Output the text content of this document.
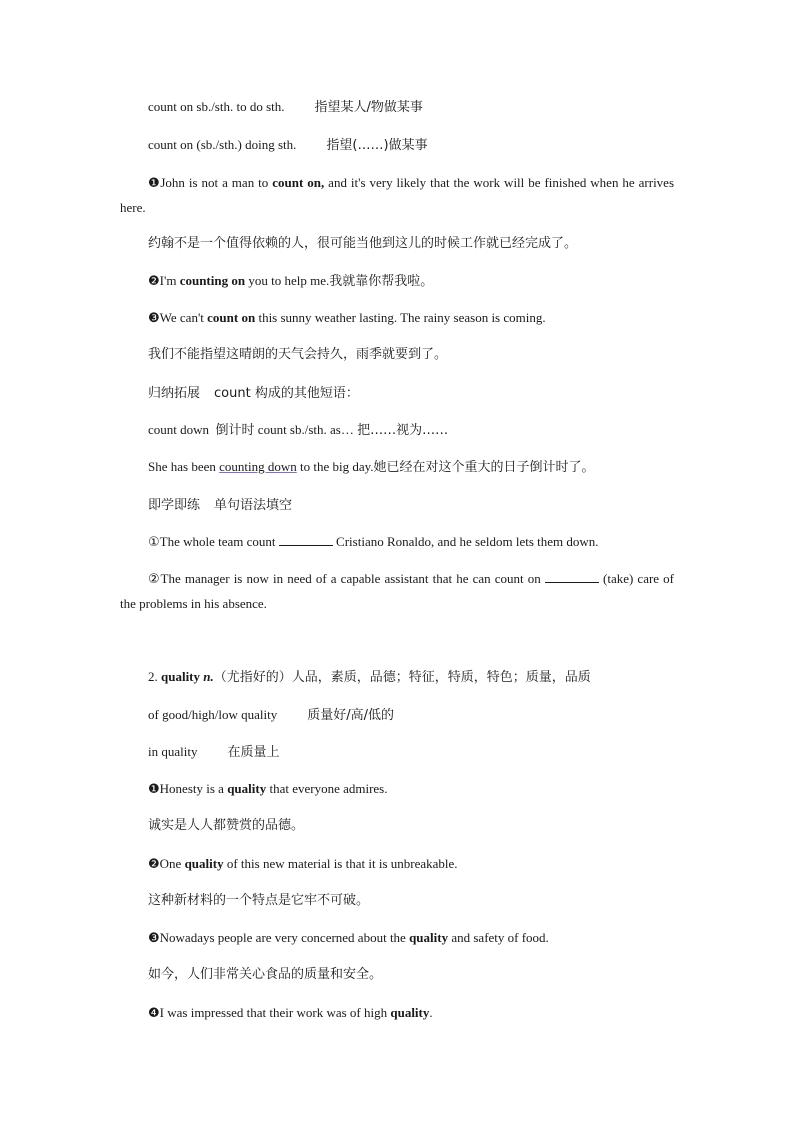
count on sb./sth. to do sth. 指望某人/物做某事
count on (sb./sth.) doing sth. 指望(……)做某事
❶John is not a man to count on, and it's very likely that the work will be finished when he arrives here.
约翰不是一个值得依赖的人，很可能当他到这儿的时候工作就已经完成了。
❷I'm counting on you to help me.我就靠你帮我啦。
❸We can't count on this sunny weather lasting. The rainy season is coming.
我们不能指望这晴朗的天气会持久，雨季就要到了。
归纳拓展 count 构成的其他短语：
count down 倒计时 count sb./sth. as… 把……视为……
She has been counting down to the big day.她已经在对这个重大的日子倒计时了。
即学即练 单句语法填空
①The whole team count	Cristiano Ronaldo, and he seldom lets them down.
②The manager is now in need of a capable assistant that he can count on	(take) care of the problems in his absence.
2. quality n.（尤指好的）人品，素质，品德；特征，特质，特色；质量，品质
of good/high/low quality 质量好/高/低的
in quality 在质量上
❶Honesty is a quality that everyone admires.
诚实是人人都赞赏的品德。
❷One quality of this new material is that it is unbreakable.
这种新材料的一个特点是它牢不可破。
❸Nowadays people are very concerned about the quality and safety of food.
如今，人们非常关心食品的质量和安全。
❹I was impressed that their work was of high quality.
